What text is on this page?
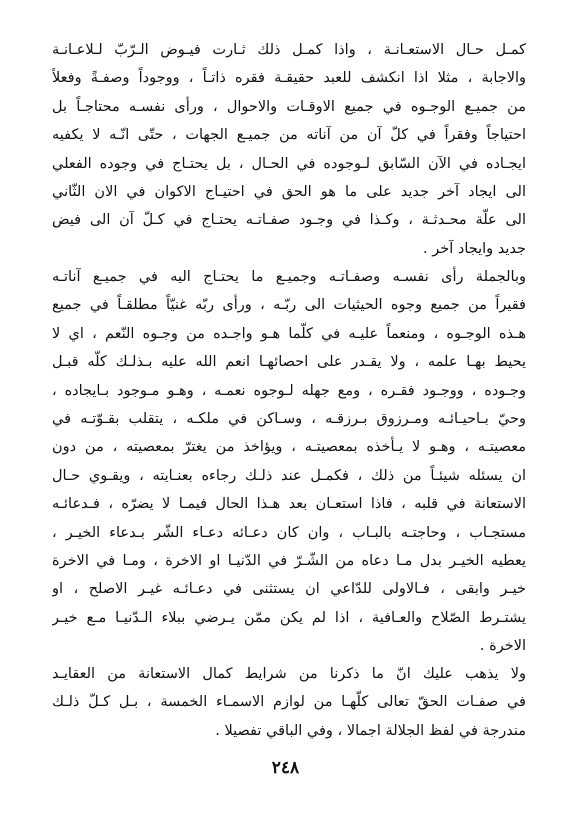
كمـل حـال الاستعـانـة ، واذا كمـل ذلك ثـارت فيـوض الـرّبّ لـلاعـانـة
والاجابة ، مثلا اذا انكشف للعبد حقيقـة فقره ذاتـاً ، ووجوداً وصفـةً وفعلاً
من جميـع الوجـوه في جميع الاوقـات والاحوال ، ورأى نفسـه محتاجـاً بل
احتياجاً وفقراً في كلّ آن من آناته من جميـع الجهات ، حتّى انّـه لا يكفيه
ايجـاده في الآن السّابق لـوجوده في الحـال ، بل يحتـاج في وجوده الفعلي
الى ايجاد آخر جديد على ما هو الحق في احتيـاج الاكوان في الان الثّاني
الى علّة محـدثـة ، وكـذا في وجـود صفـاتـه يحتـاج في كـلّ آن الى فيض
جديد وايجاد آخر .
وبالجملة رأى نفسـه وصفـاتـه وجميـع ما يحتـاج اليه في جميـع آناتـه
فقيراً من جميع وجوه الحيثيات الى ربّـه ، ورأى ربّه غنيّاً مطلقـاً في جميع
هـذه الوجـوه ، ومنعماً عليـه في كلّما هـو واجـده من وجـوه النّعم ، اي لا
يحيط بهـا علمه ، ولا يقـدر على احصائهـا انعم الله عليه بـذلـك كلّه قبـل
وجـوده ، ووجـود فقـره ، ومع جهله لـوجوه نعمـه ، وهـو مـوجود بـايجاده ،
وحيّ بـاحيـائـه ومـرزوق بـرزقـه ، وسـاكن في ملكـه ، يتقلب بقـوّتـه في
معصيتـه ، وهـو لا يـأخذه بمعصيتـه ، ويؤاخذ من يغترّ بمعصيته ، من دون
ان يسئله شيئـاً من ذلك ، فكمـل عند ذلـك رجاءه بعنـايته ، ويقـوي حـال
الاستعانة في قلبه ، فاذا استعـان بعد هـذا الحال فيمـا لا يضرّه ، فـدعائـه
مستجـاب ، وحاجتـه بالبـاب ، وان كان دعـائه دعـاء الشّر بـدعاء الخيـر ،
يعطيه الخيـر بدل مـا دعاه من الشّـرّ في الدّنيـا او الاخرة ، ومـا في الاخرة
خيـر وابقى ، فـالاولى للدّاعي ان يستثنى في دعـائـه غيـر الاصلح ، او
يشتـرط الصّلاح والعـافية ، اذا لم يكن ممّن يـرضي ببلاء الـدّنيـا مـع خيـر
الاخرة .
ولا يذهب عليك انّ ما ذكرنا من شرايط كمال الاستعانة من العقايـد
في صفـات الحقّ تعالى كلّهـا من لوازم الاسمـاء الخمسة ، بـل كـلّ ذلـك
مندرجة في لفظ الجلالة اجمالا ، وفي الباقي تفصيلا .
٢٤٨
